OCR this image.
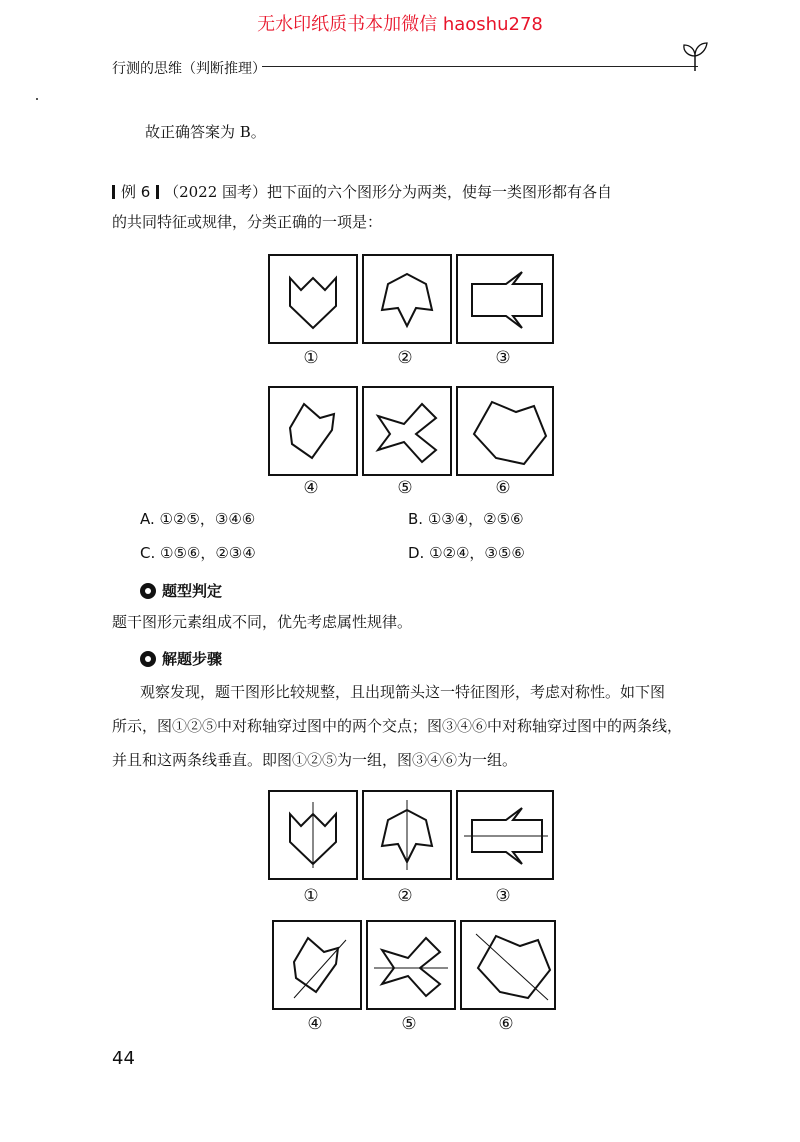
无水印纸质书本加微信 haoshu278
行测的思维（判断推理）
故正确答案为 B。
例 6 （2022 国考）把下面的六个图形分为两类，使每一类图形都有各自
的共同特征或规律，分类正确的一项是：
①	②	③
④	⑤	⑥
A. ①②⑤，③④⑥	B. ①③④，②⑤⑥
C. ①⑤⑥，②③④	D. ①②④，③⑤⑥
题型判定
题干图形元素组成不同，优先考虑属性规律。
解题步骤
观察发现，题干图形比较规整，且出现箭头这一特征图形，考虑对称性。如下图
所示，图①②⑤中对称轴穿过图中的两个交点；图③④⑥中对称轴穿过图中的两条线，
并且和这两条线垂直。即图①②⑤为一组，图③④⑥为一组。
①	②	③
④	⑤	⑥
44
